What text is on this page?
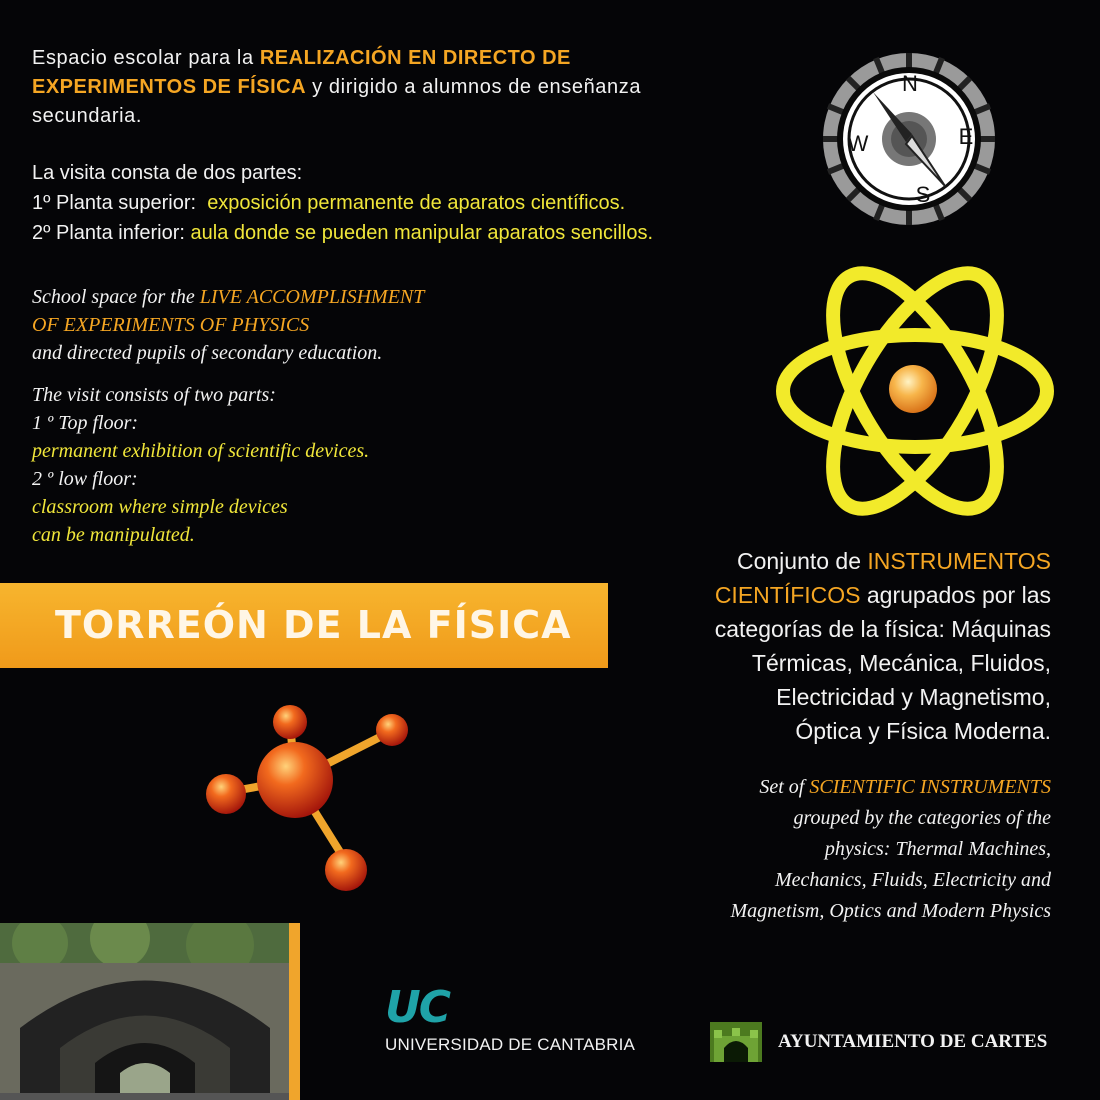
Espacio escolar para la REALIZACIÓN EN DIRECTO DE

EXPERIMENTOS DE FÍSICA y dirigido a alumnos de enseñanza

secundaria.

La visita consta de dos partes:

1º Planta superior:  exposición permanente de aparatos científicos.

2º Planta inferior: aula donde se pueden manipular aparatos sencillos.

School space for the LIVE ACCOMPLISHMENT

OF EXPERIMENTS OF PHYSICS

and directed pupils of secondary education.

The visit consists of two parts:

1 º Top floor:

permanent exhibition of scientific devices.

2 º low floor:

classroom where simple devices

can be manipulated.

TORREÓN DE LA FÍSICA
N
S
E
W

Conjunto de INSTRUMENTOS

CIENTÍFICOS agrupados por las

categorías de la física: Máquinas

Térmicas, Mecánica, Fluidos,

Electricidad y Magnetismo,

Óptica y Física Moderna.

Set of SCIENTIFIC INSTRUMENTS

grouped by the categories of the

physics: Thermal Machines,

Mechanics, Fluids, Electricity and

Magnetism, Optics and Modern Physics

UC
UNIVERSIDAD DE CANTABRIA	AYUNTAMIENTO DE CARTES
